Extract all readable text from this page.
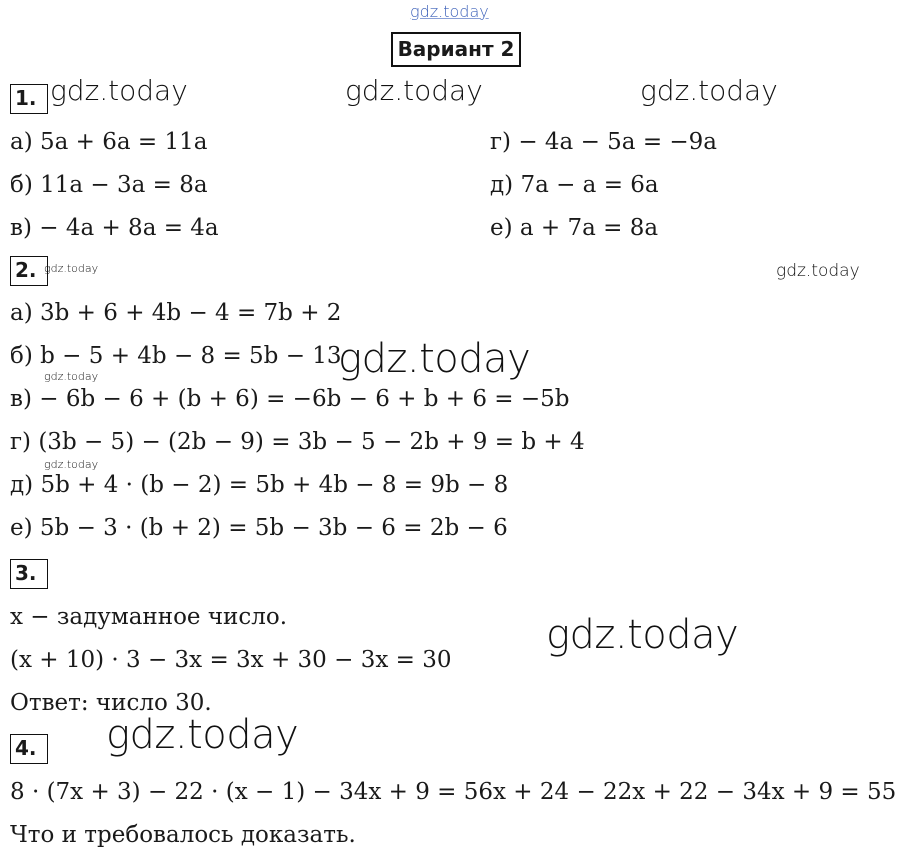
gdz.today
Вариант 2
1. gdz.today	gdz.today	gdz.today
а) 5a + 6a = 11a
б) 11a − 3a = 8a
в) − 4a + 8a = 4a
г) − 4a − 5a = −9a
д) 7a − a = 6a
е) a + 7a = 8a
2. gdz.today	gdz.today
а) 3b + 6 + 4b − 4 = 7b + 2
б) b − 5 + 4b − 8 = 5b − 13
gdz.today
gdz.today
в) − 6b − 6 + (b + 6) = −6b − 6 + b + 6 = −5b
г) (3b − 5) − (2b − 9) = 3b − 5 − 2b + 9 = b + 4
gdz.today
д) 5b + 4 · (b − 2) = 5b + 4b − 8 = 9b − 8
е) 5b − 3 · (b + 2) = 5b − 3b − 6 = 2b − 6
3.
x − задуманное число.	gdz.today
(x + 10) · 3 − 3x = 3x + 30 − 3x = 30
Ответ: число 30.
4. gdz.today
8 · (7x + 3) − 22 · (x − 1) − 34x + 9 = 56x + 24 − 22x + 22 − 34x + 9 = 55
Что и требовалось доказать.
